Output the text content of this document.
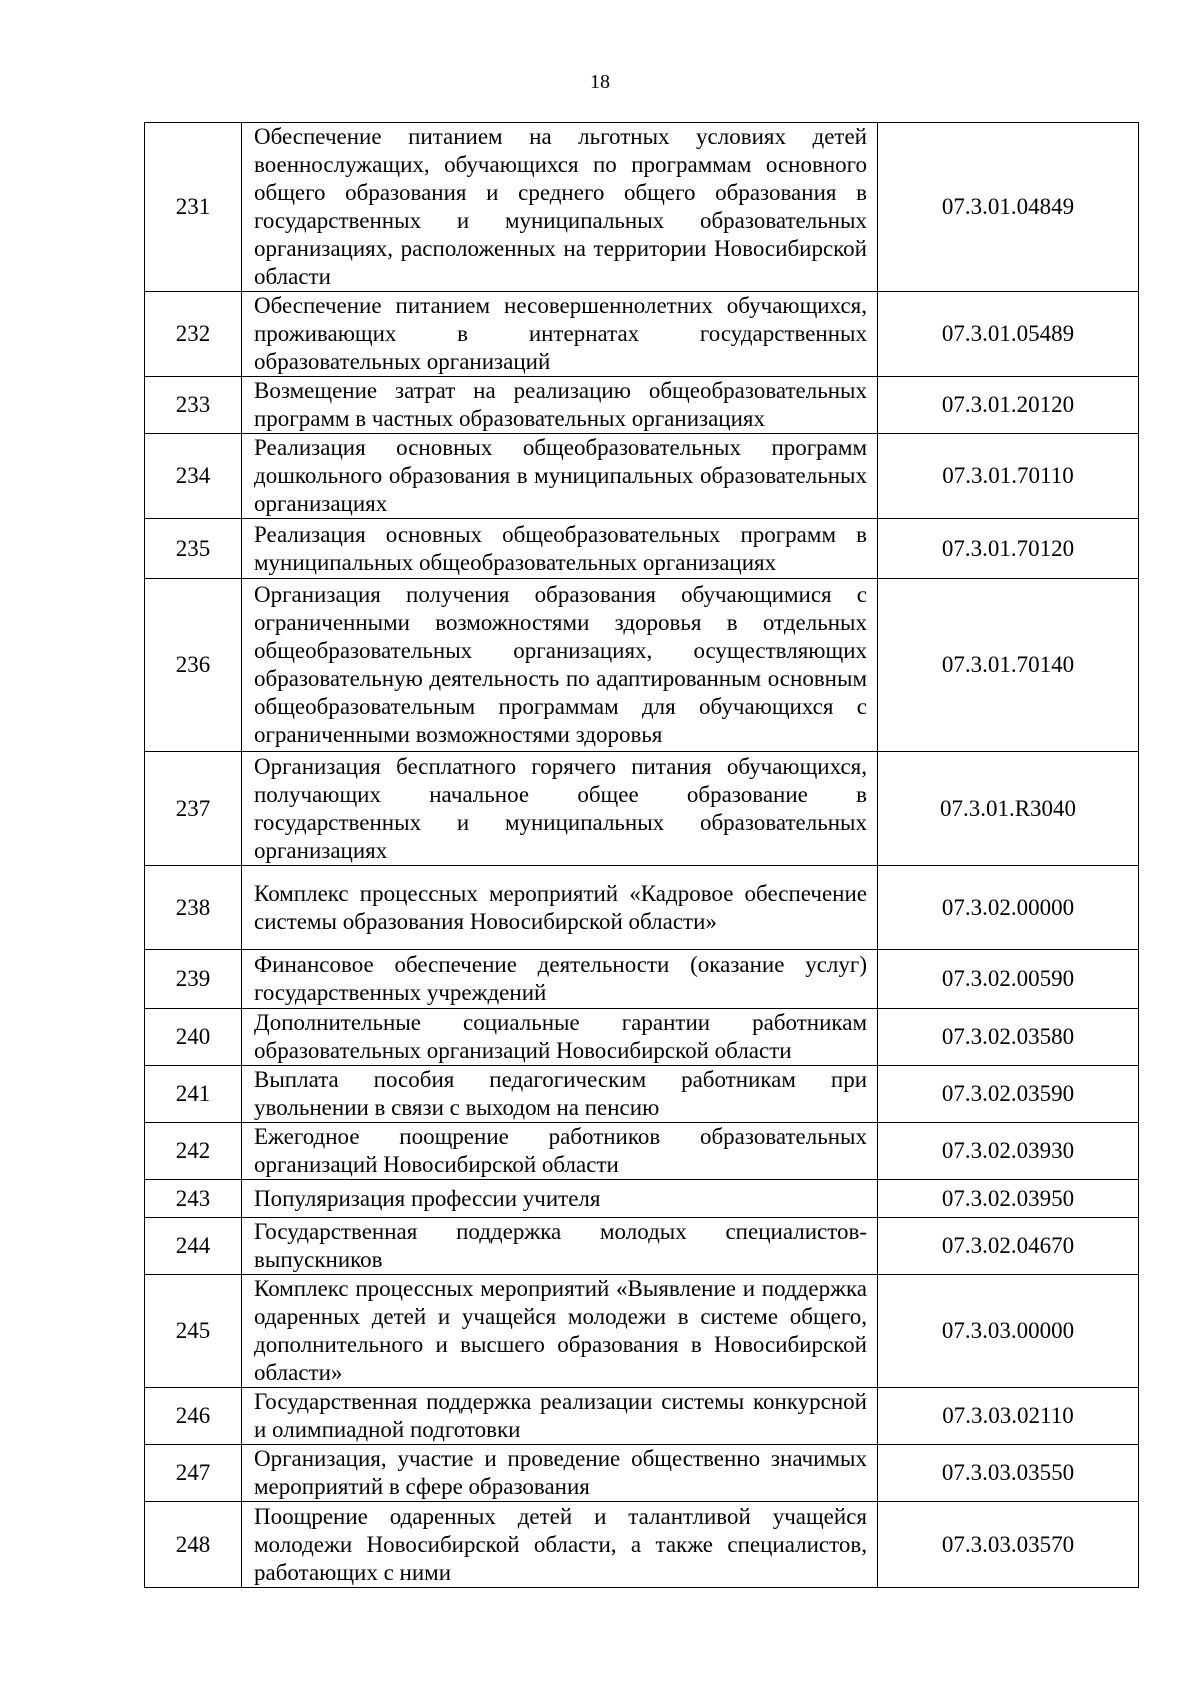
18
231	Обеспечение питанием на льготных условиях детей военнослужащих, обучающихся по программам основного общего образования и среднего общего образования в государственных и муниципальных образовательных организациях, расположенных на территории Новосибирской области	07.3.01.04849
232	Обеспечение питанием несовершеннолетних обучающихся, проживающих в интернатах государственных образовательных организаций	07.3.01.05489
233	Возмещение затрат на реализацию общеобразовательных программ в частных образовательных организациях	07.3.01.20120
234	Реализация основных общеобразовательных программ дошкольного образования в муниципальных образовательных организациях	07.3.01.70110
235	Реализация основных общеобразовательных программ в муниципальных общеобразовательных организациях	07.3.01.70120
236	Организация получения образования обучающимися с ограниченными возможностями здоровья в отдельных общеобразовательных организациях, осуществляющих образовательную деятельность по адаптированным основным общеобразовательным программам для обучающихся с ограниченными возможностями здоровья	07.3.01.70140
237	Организация бесплатного горячего питания обучающихся, получающих начальное общее образование в государственных и муниципальных образовательных организациях	07.3.01.R3040
238	Комплекс процессных мероприятий «Кадровое обеспечение системы образования Новосибирской области»	07.3.02.00000
239	Финансовое обеспечение деятельности (оказание услуг) государственных учреждений	07.3.02.00590
240	Дополнительные социальные гарантии работникам образовательных организаций Новосибирской области	07.3.02.03580
241	Выплата пособия педагогическим работникам при увольнении в связи с выходом на пенсию	07.3.02.03590
242	Ежегодное поощрение работников образовательных организаций Новосибирской области	07.3.02.03930
243	Популяризация профессии учителя	07.3.02.03950
244	Государственная поддержка молодых специалистов-выпускников	07.3.02.04670
245	Комплекс процессных мероприятий «Выявление и поддержка одаренных детей и учащейся молодежи в системе общего, дополнительного и высшего образования в Новосибирской области»	07.3.03.00000
246	Государственная поддержка реализации системы конкурсной и олимпиадной подготовки	07.3.03.02110
247	Организация, участие и проведение общественно значимых мероприятий в сфере образования	07.3.03.03550
248	Поощрение одаренных детей и талантливой учащейся молодежи Новосибирской области, а также специалистов, работающих с ними	07.3.03.03570
